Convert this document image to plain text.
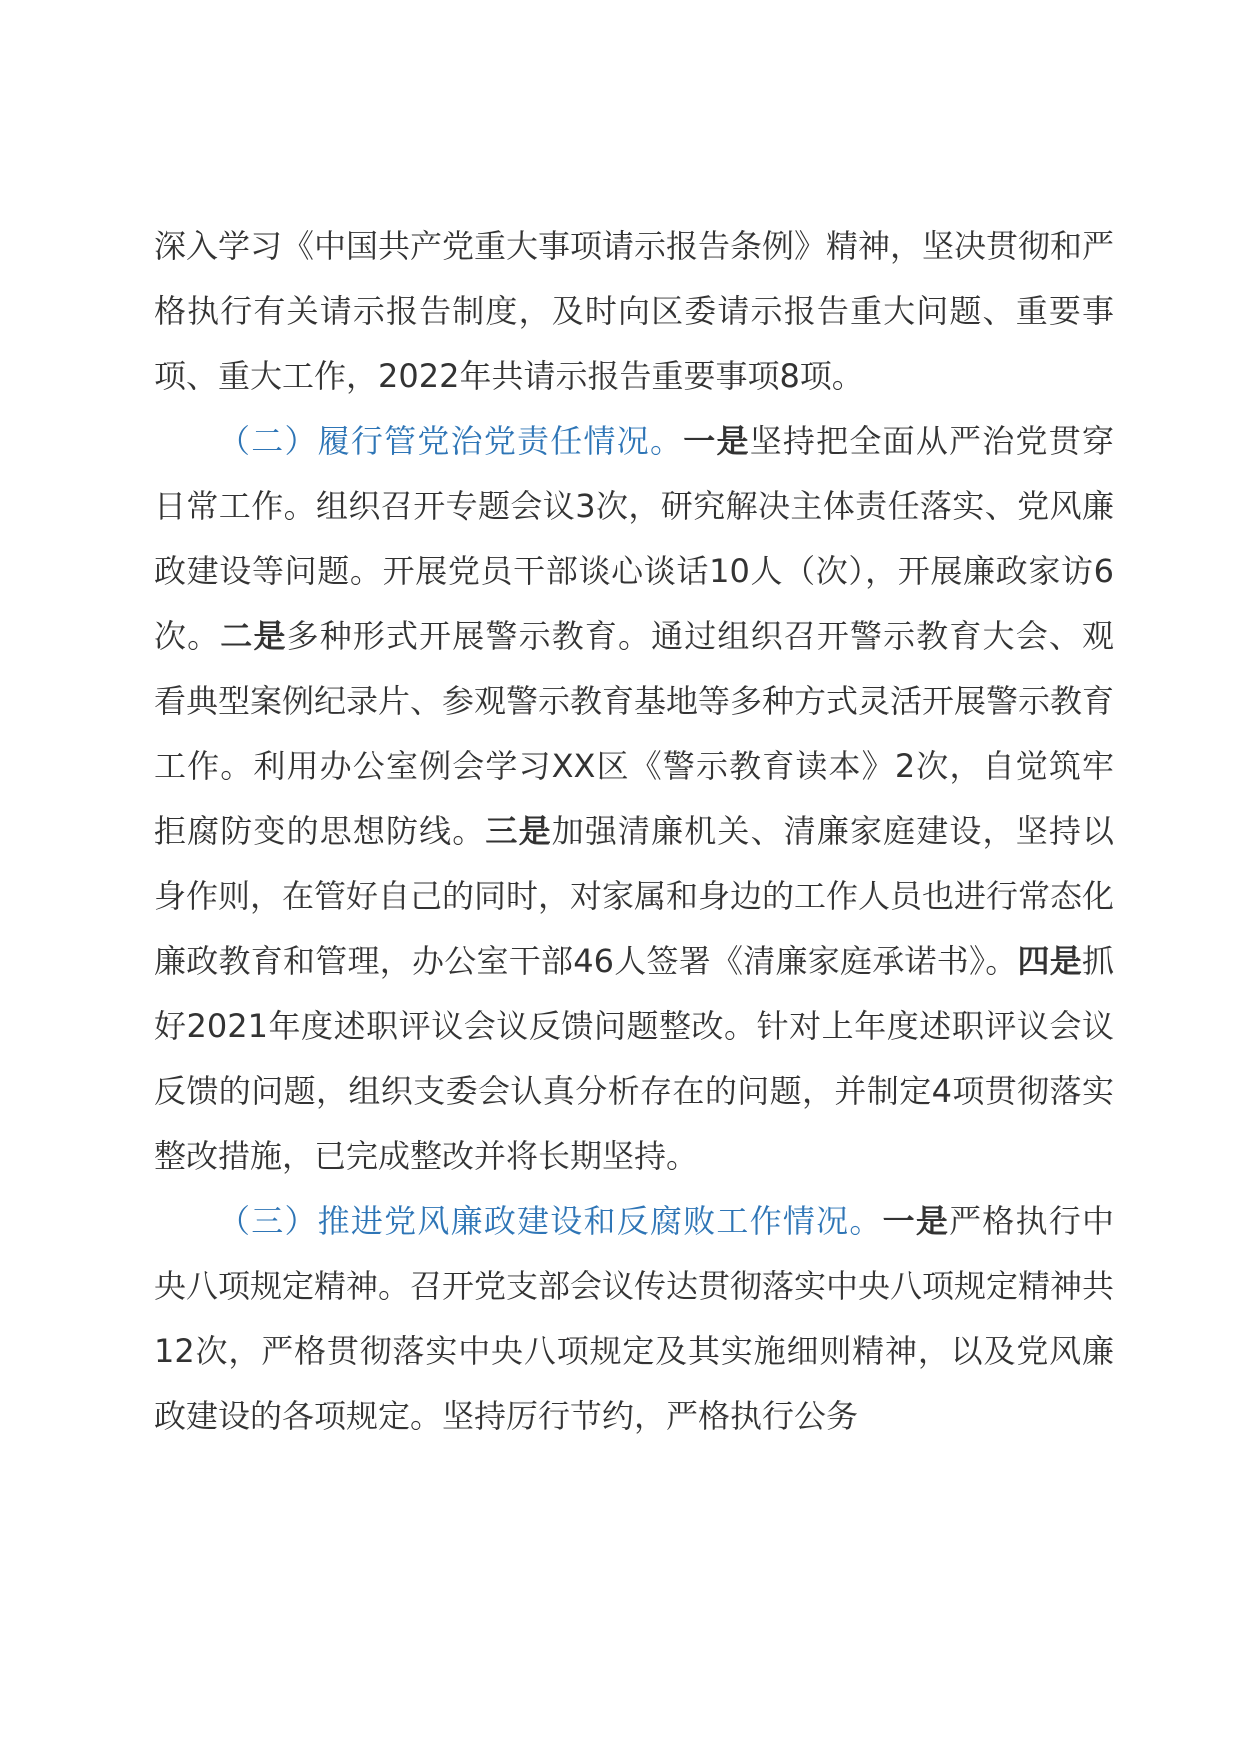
深入学习《中国共产党重大事项请示报告条例》精神，坚决贯彻和严格执行有关请示报告制度，及时向区委请示报告重大问题、重要事项、重大工作，2022年共请示报告重要事项8项。

（二）履行管党治党责任情况。一是坚持把全面从严治党贯穿日常工作。组织召开专题会议3次，研究解决主体责任落实、党风廉政建设等问题。开展党员干部谈心谈话10人（次），开展廉政家访6次。二是多种形式开展警示教育。通过组织召开警示教育大会、观看典型案例纪录片、参观警示教育基地等多种方式灵活开展警示教育工作。利用办公室例会学习XX区《警示教育读本》2次，自觉筑牢拒腐防变的思想防线。三是加强清廉机关、清廉家庭建设，坚持以身作则，在管好自己的同时，对家属和身边的工作人员也进行常态化廉政教育和管理，办公室干部46人签署《清廉家庭承诺书》。四是抓好2021年度述职评议会议反馈问题整改。针对上年度述职评议会议反馈的问题，组织支委会认真分析存在的问题，并制定4项贯彻落实整改措施，已完成整改并将长期坚持。

（三）推进党风廉政建设和反腐败工作情况。一是严格执行中央八项规定精神。召开党支部会议传达贯彻落实中央八项规定精神共12次，严格贯彻落实中央八项规定及其实施细则精神，以及党风廉政建设的各项规定。坚持厉行节约，严格执行公务
